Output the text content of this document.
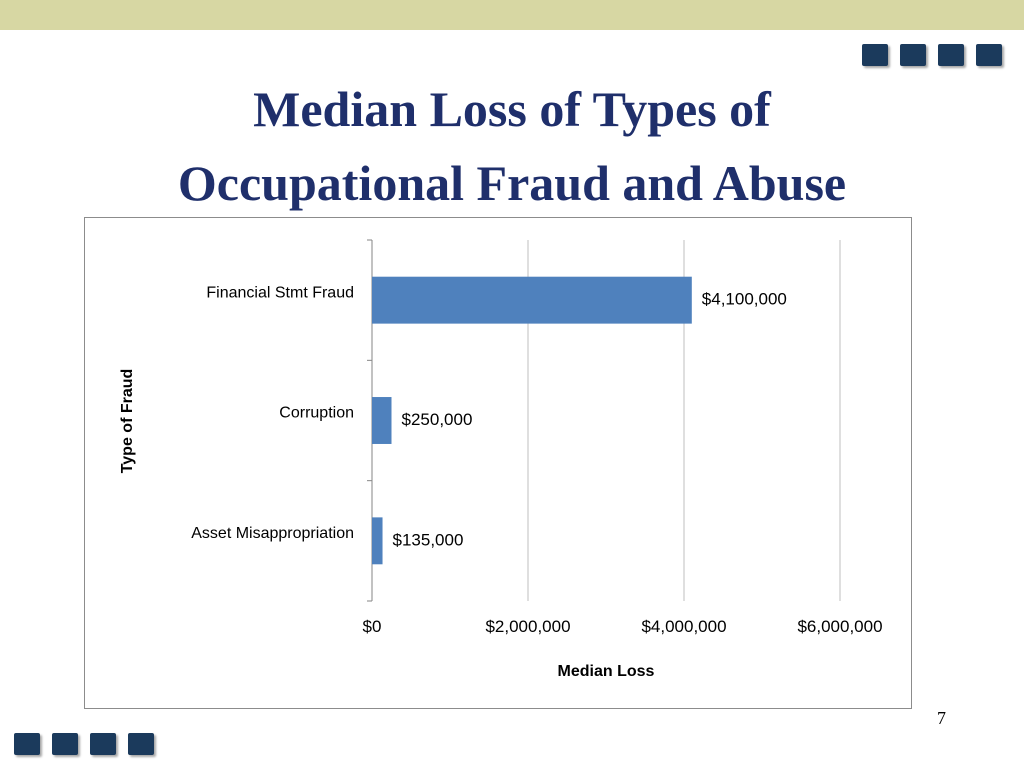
Median Loss of Types of
Occupational Fraud and Abuse
Financial Stmt Fraud	$4,100,000
Corruption	$250,000
Asset Misappropriation $135,000
$0	$2,000,000	$4,000,000	$6,000,000
Median Loss
Type of Fraud
7
